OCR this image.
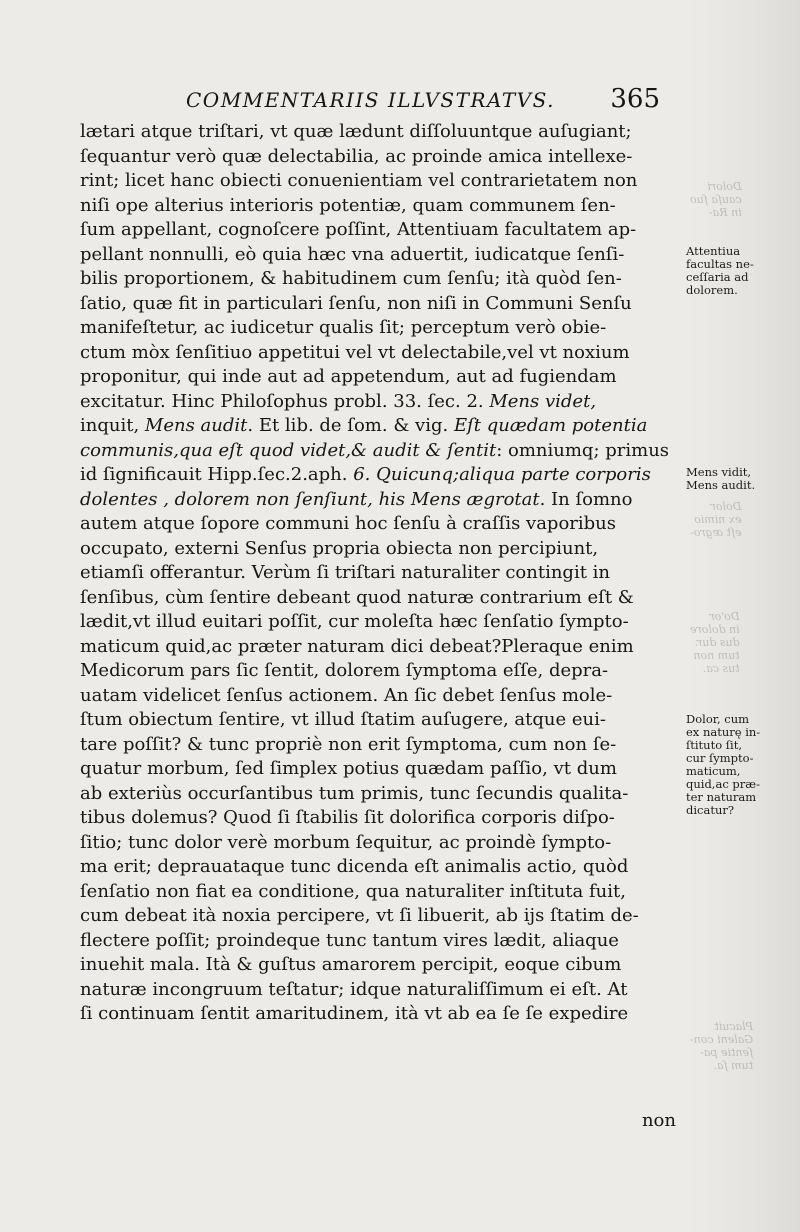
Dolori
cauſa ſuo
in Ra-
Dolor
ex nimio
eſt ægro-
Do'or
in dolore
dus dur.
tum non
tus ca.
Placuit
Galeni con-
ſentie pa-
tum ſa.
COMMENTARIIS ILLVSTRATVS. 365
lætari atque triſtari, vt quæ lædunt diſſoluuntque auſugiant;
ſequantur verò quæ delectabilia, ac proinde amica intellexe-
rint; licet hanc obiecti conuenientiam vel contrarietatem non
niſi ope alterius interioris potentiæ, quam communem ſen-
ſum appellant, cognoſcere poſſint, Attentiuam facultatem ap-
pellant nonnulli, eò quia hæc vna aduertit, iudicatque ſenſi-
bilis proportionem, & habitudinem cum ſenſu; ità quòd ſen-
ſatio, quæ fit in particulari ſenſu, non niſi in Communi Senſu
manifeſtetur, ac iudicetur qualis ſit; perceptum verò obie-
ctum mòx ſenſitiuo appetitui vel vt delectabile,vel vt noxium
proponitur, qui inde aut ad appetendum, aut ad fugiendam
excitatur. Hinc Philoſophus probl. 33. ſec. 2. Mens videt,
inquit, Mens audit. Et lib. de ſom. & vig. Eſt quædam potentia
communis,qua eſt quod videt,& audit & ſentit: omniumq; primus
id ſignificauit Hipp.ſec.2.aph. 6. Quicunq;aliqua parte corporis
dolentes , dolorem non ſenſiunt, his Mens ægrotat. In ſomno
autem atque ſopore communi hoc ſenſu à craſſis vaporibus
occupato, externi Senſus propria obiecta non percipiunt,
etiamſi offerantur. Verùm ſi triſtari naturaliter contingit in
ſenſibus, cùm ſentire debeant quod naturæ contrarium eſt &
lædit,vt illud euitari poſſit, cur moleſta hæc ſenſatio ſympto-
maticum quid,ac præter naturam dici debeat?Pleraque enim
Medicorum pars ſic ſentit, dolorem ſymptoma eſſe, depra-
uatam videlicet ſenſus actionem. An ſic debet ſenſus mole-
ſtum obiectum ſentire, vt illud ſtatim auſugere, atque eui-
tare poſſit? & tunc propriè non erit ſymptoma, cum non ſe-
quatur morbum, ſed ſimplex potius quædam paſſio, vt dum
ab exteriùs occurſantibus tum primis, tunc ſecundis qualita-
tibus dolemus? Quod ſi ſtabilis ſit dolorifica corporis diſpo-
ſitio; tunc dolor verè morbum ſequitur, ac proindè ſympto-
ma erit; deprauataque tunc dicenda eſt animalis actio, quòd
ſenſatio non fiat ea conditione, qua naturaliter inſtituta fuit,
cum debeat ità noxia percipere, vt ſi libuerit, ab ijs ſtatim de-
flectere poſſit; proindeque tunc tantum vires lædit, aliaque
inuehit mala. Ità & guſtus amarorem percipit, eoque cibum
naturæ incongruum teſtatur; idque naturaliſſimum ei eſt. At
ſi continuam ſentit amaritudinem, ità vt ab ea ſe ſe expedire
Attentiua
facultas ne-
ceſſaria ad
dolorem.
Mens vidit,
Mens audit.
Dolor, cum
ex naturę in-
ſtituto ſit,
cur ſympto-
maticum,
quid,ac præ-
ter naturam
dicatur?
non
